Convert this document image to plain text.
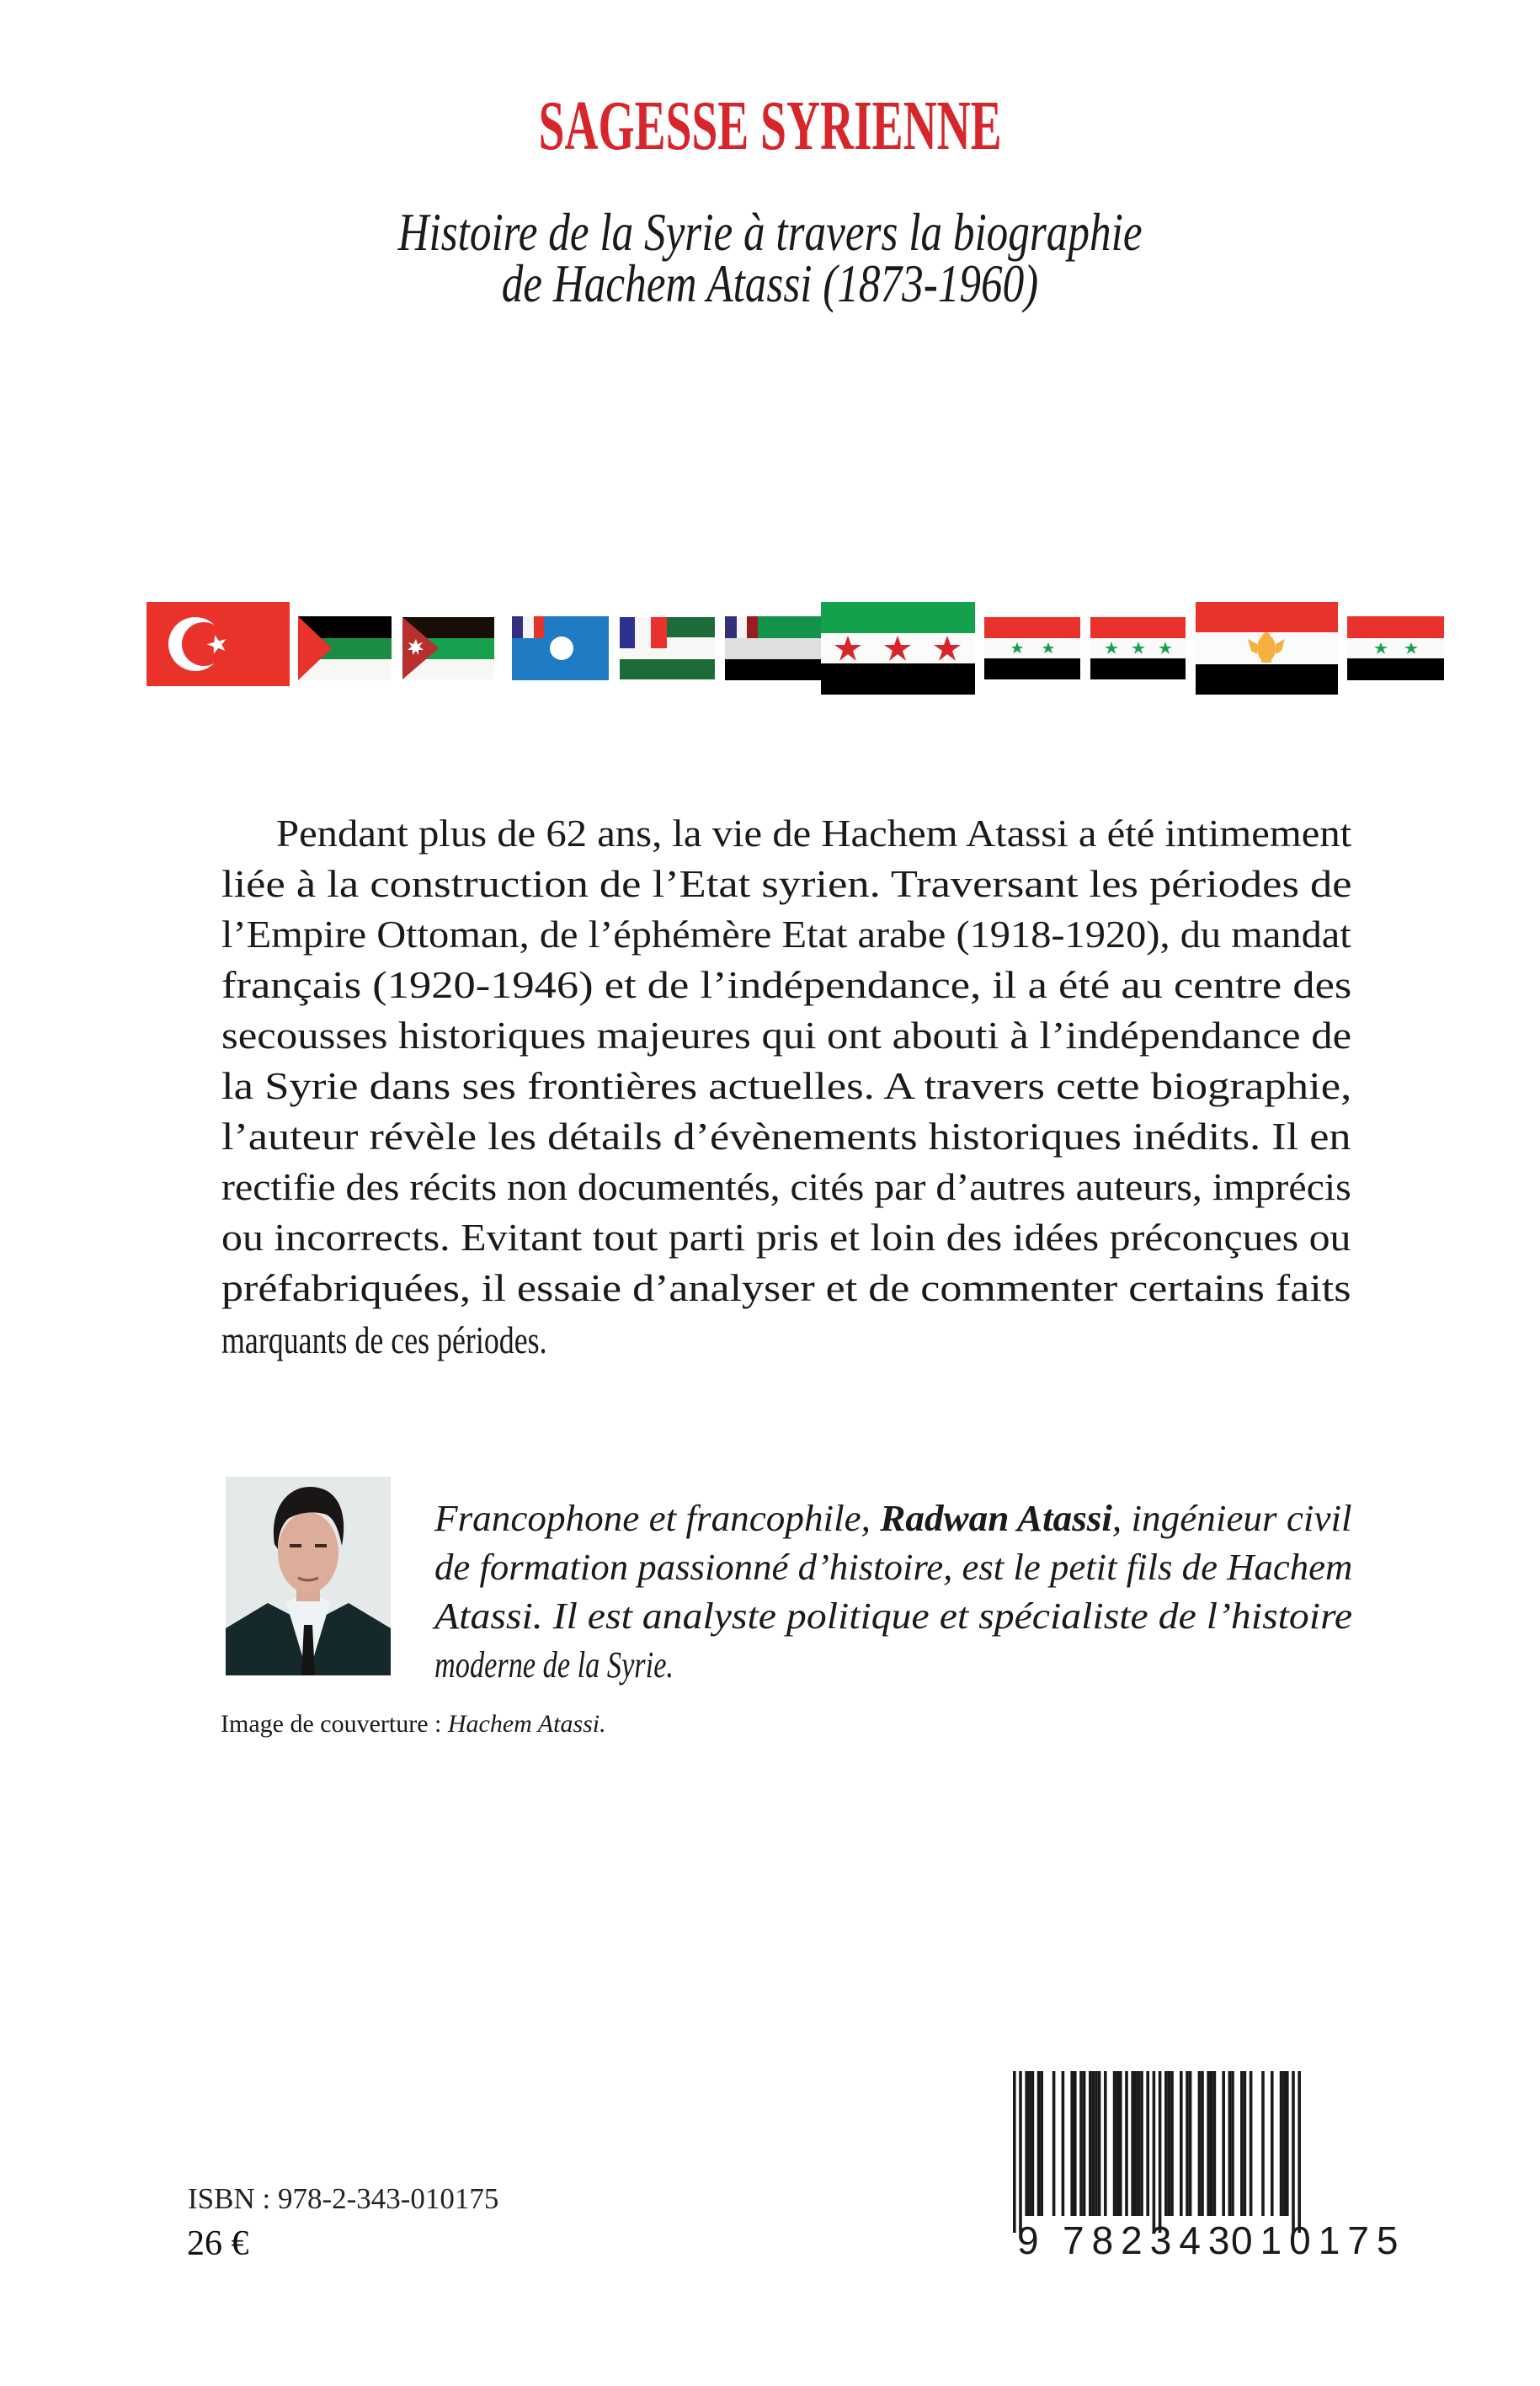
SAGESSE SYRIENNE
Histoire de la Syrie à travers la biographie
de Hachem Atassi (1873-1960)
Pendant plus de 62 ans, la vie de Hachem Atassi a été intimement
liée à la construction de l’Etat syrien. Traversant les périodes de
l’Empire Ottoman, de l’éphémère Etat arabe (1918-1920), du mandat
français (1920-1946) et de l’indépendance, il a été au centre des
secousses historiques majeures qui ont abouti à l’indépendance de
la Syrie dans ses frontières actuelles. A travers cette biographie,
l’auteur révèle les détails d’évènements historiques inédits. Il en
rectifie des récits non documentés, cités par d’autres auteurs, imprécis
ou incorrects. Evitant tout parti pris et loin des idées préconçues ou
préfabriquées, il essaie d’analyser et de commenter certains faits
marquants de ces périodes.
Francophone et francophile, Radwan Atassi, ingénieur civil
de formation passionné d’histoire, est le petit fils de Hachem
Atassi. Il est analyste politique et spécialiste de l’histoire
moderne de la Syrie.
Image de couverture : Hachem Atassi.
ISBN : 978-2-343-010175
26 €	9 782343
010175
